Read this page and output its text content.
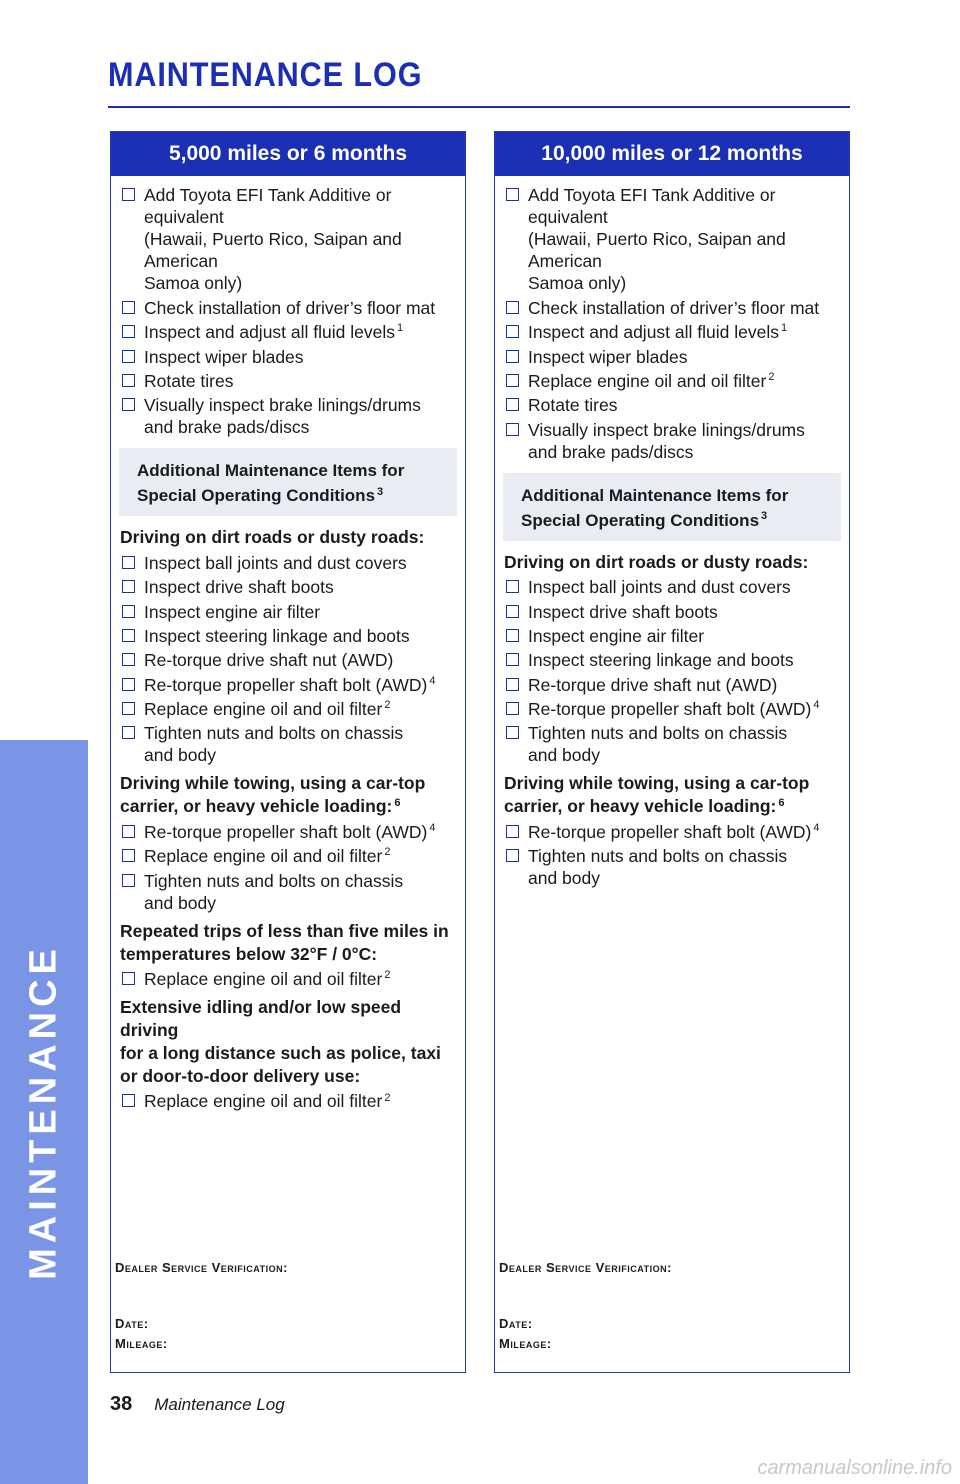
MAINTENANCE
MAINTENANCE LOG
5,000 miles or 6 months
Add Toyota EFI Tank Additive or equivalent
(Hawaii, Puerto Rico, Saipan and American
Samoa only)
Check installation of driver’s floor mat
Inspect and adjust all fluid levels $^1$
Inspect wiper blades
Rotate tires
Visually inspect brake linings/drums
and brake pads/discs
Additional Maintenance Items for
Special Operating Conditions $^3$
Driving on dirt roads or dusty roads:
Inspect ball joints and dust covers
Inspect drive shaft boots
Inspect engine air filter
Inspect steering linkage and boots
Re-torque drive shaft nut (AWD)
Re-torque propeller shaft bolt (AWD) $^4$
Replace engine oil and oil filter $^2$
Tighten nuts and bolts on chassis
and body
Driving while towing, using a car-top
carrier, or heavy vehicle loading: $^6$
Re-torque propeller shaft bolt (AWD) $^4$
Replace engine oil and oil filter $^2$
Tighten nuts and bolts on chassis
and body
Repeated trips of less than five miles in
temperatures below 32°F / 0°C:
Replace engine oil and oil filter $^2$
Extensive idling and/or low speed driving
for a long distance such as police, taxi
or door-to-door delivery use:
Replace engine oil and oil filter $^2$
Dealer Service Verification:
Date:
Mileage:
10,000 miles or 12 months
Add Toyota EFI Tank Additive or equivalent
(Hawaii, Puerto Rico, Saipan and American
Samoa only)
Check installation of driver’s floor mat
Inspect and adjust all fluid levels $^1$
Inspect wiper blades
Replace engine oil and oil filter $^2$
Rotate tires
Visually inspect brake linings/drums
and brake pads/discs
Additional Maintenance Items for
Special Operating Conditions $^3$
Driving on dirt roads or dusty roads:
Inspect ball joints and dust covers
Inspect drive shaft boots
Inspect engine air filter
Inspect steering linkage and boots
Re-torque drive shaft nut (AWD)
Re-torque propeller shaft bolt (AWD) $^4$
Tighten nuts and bolts on chassis
and body
Driving while towing, using a car-top
carrier, or heavy vehicle loading: $^6$
Re-torque propeller shaft bolt (AWD) $^4$
Tighten nuts and bolts on chassis
and body
Dealer Service Verification:
Date:
Mileage:
38 Maintenance Log
carmanualsonline.info
